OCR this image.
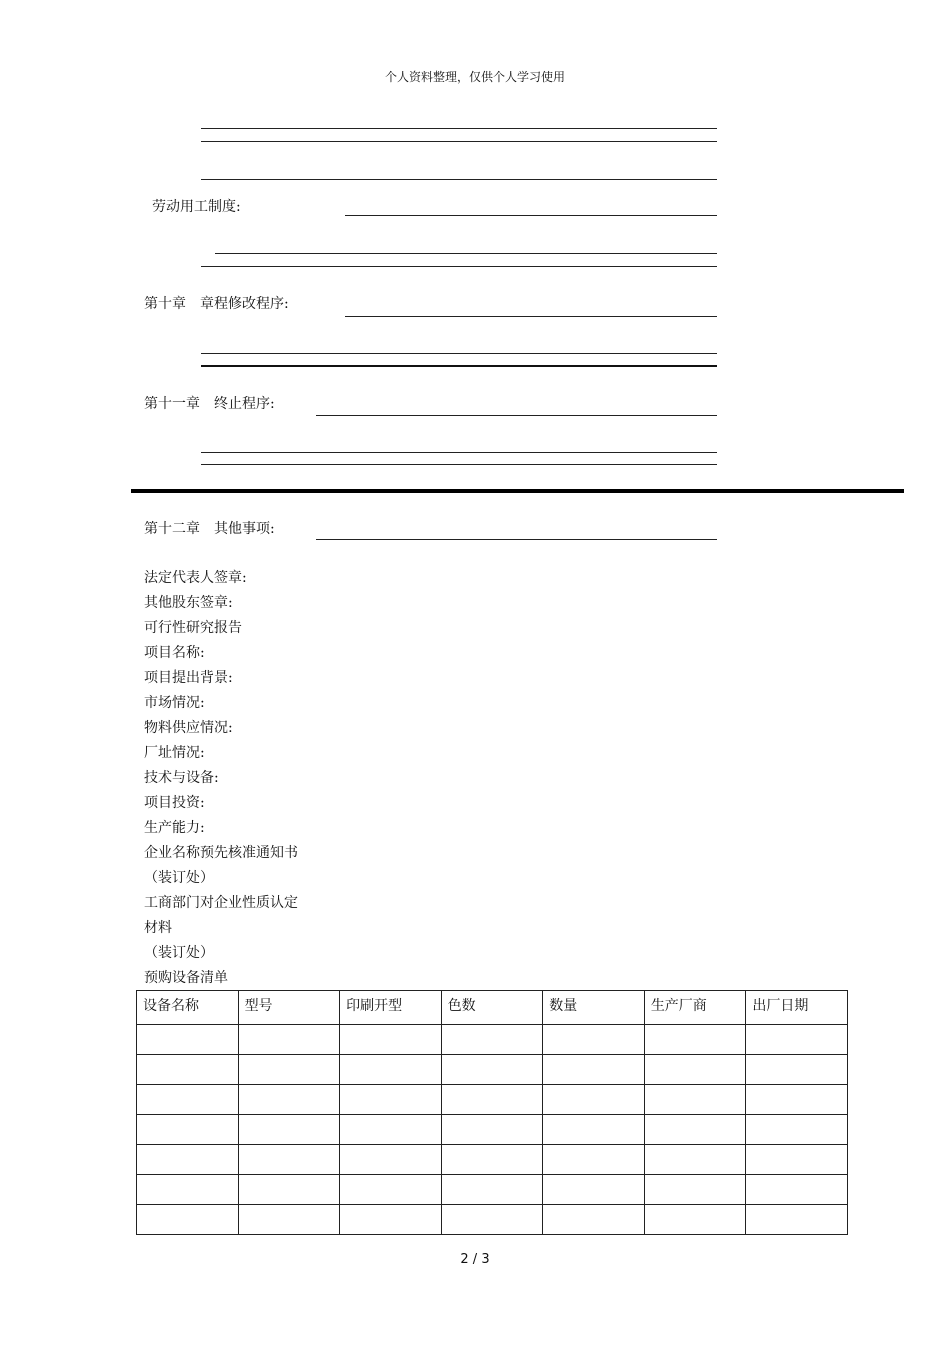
个人资料整理，仅供个人学习使用
劳动用工制度:
第十章　章程修改程序:
第十一章　终止程序:
第十二章　其他事项:
法定代表人签章:
其他股东签章:
可行性研究报告
项目名称:
项目提出背景:
市场情况:
物料供应情况:
厂址情况:
技术与设备:
项目投资:
生产能力:
企业名称预先核准通知书
（装订处）
工商部门对企业性质认定
材料
（装订处）
预购设备清单
设备名称	型号	印刷开型	色数	数量	生产厂商	出厂日期

2 / 3
